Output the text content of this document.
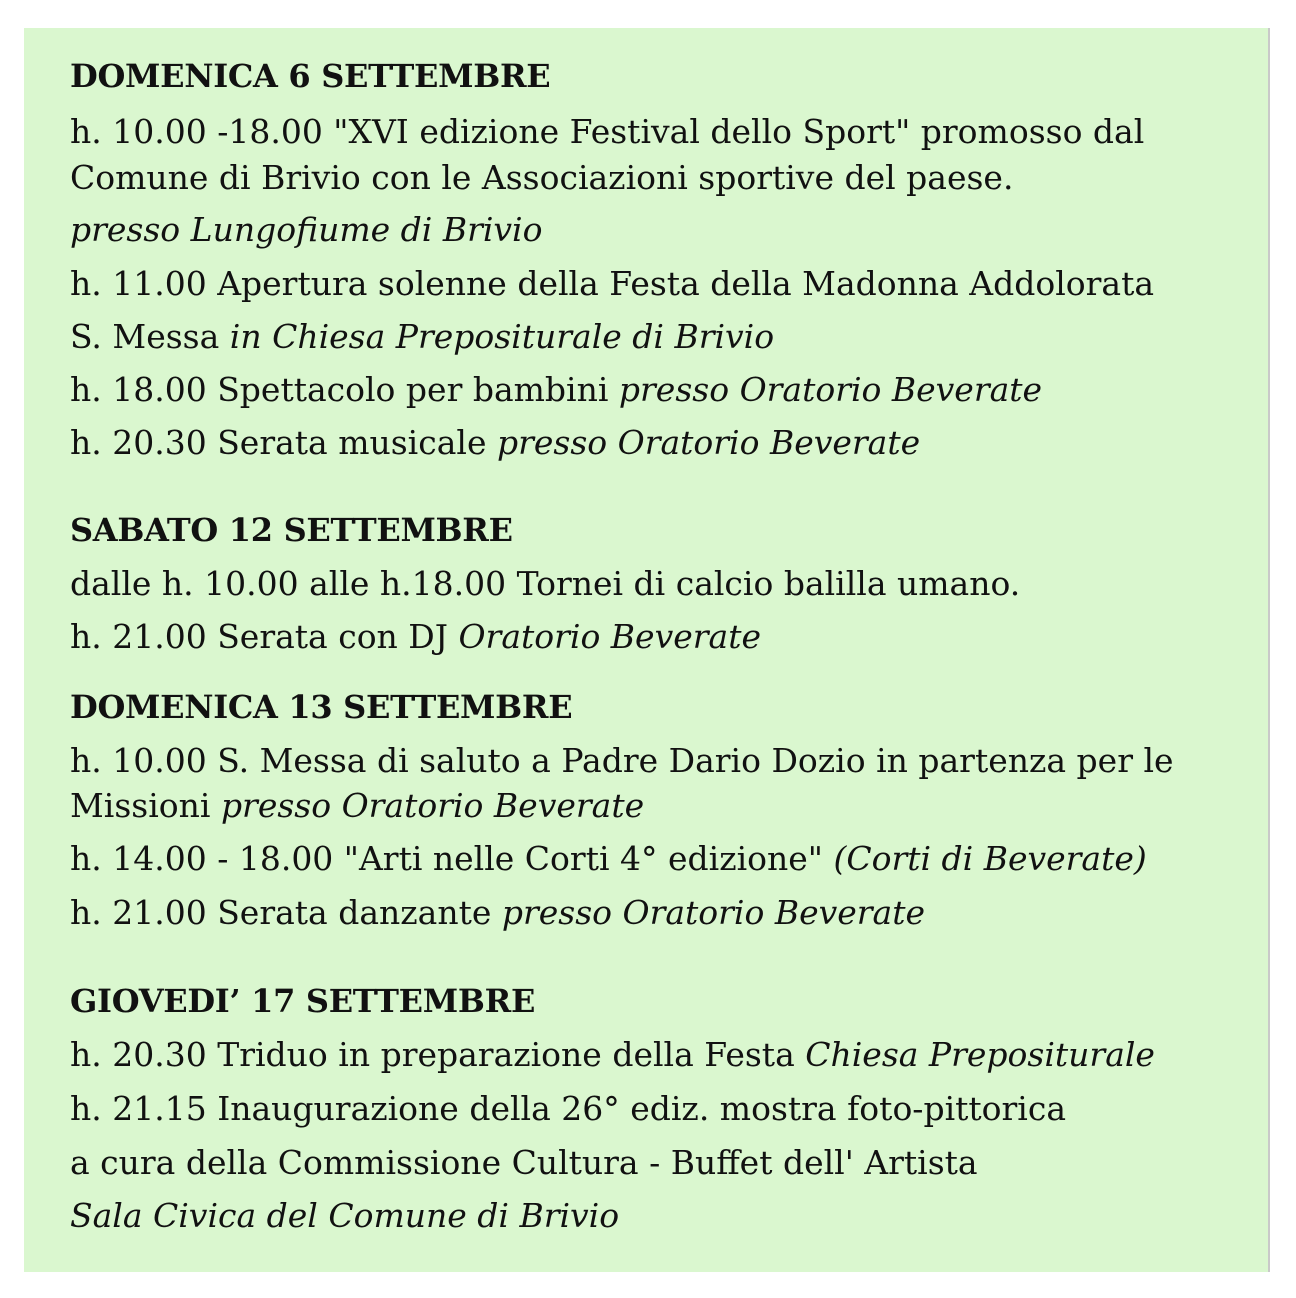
DOMENICA 6 SETTEMBRE
h. 10.00 -18.00 "XVI edizione Festival dello Sport" promosso dal
Comune di Brivio con le Associazioni sportive del paese.
presso Lungofiume di Brivio
h. 11.00 Apertura solenne della Festa della Madonna Addolorata
S. Messa in Chiesa Prepositurale di Brivio
h. 18.00 Spettacolo per bambini presso Oratorio Beverate
h. 20.30 Serata musicale presso Oratorio Beverate
SABATO 12 SETTEMBRE
dalle h. 10.00 alle h.18.00 Tornei di calcio balilla umano.
h. 21.00 Serata con DJ Oratorio Beverate
DOMENICA 13 SETTEMBRE
h. 10.00 S. Messa di saluto a Padre Dario Dozio in partenza per le
Missioni presso Oratorio Beverate
h. 14.00 - 18.00 "Arti nelle Corti 4° edizione" (Corti di Beverate)
h. 21.00 Serata danzante presso Oratorio Beverate
GIOVEDI’ 17 SETTEMBRE
h. 20.30 Triduo in preparazione della Festa Chiesa Prepositurale
h. 21.15 Inaugurazione della 26° ediz. mostra foto-pittorica
a cura della Commissione Cultura - Buffet dell' Artista
Sala Civica del Comune di Brivio
